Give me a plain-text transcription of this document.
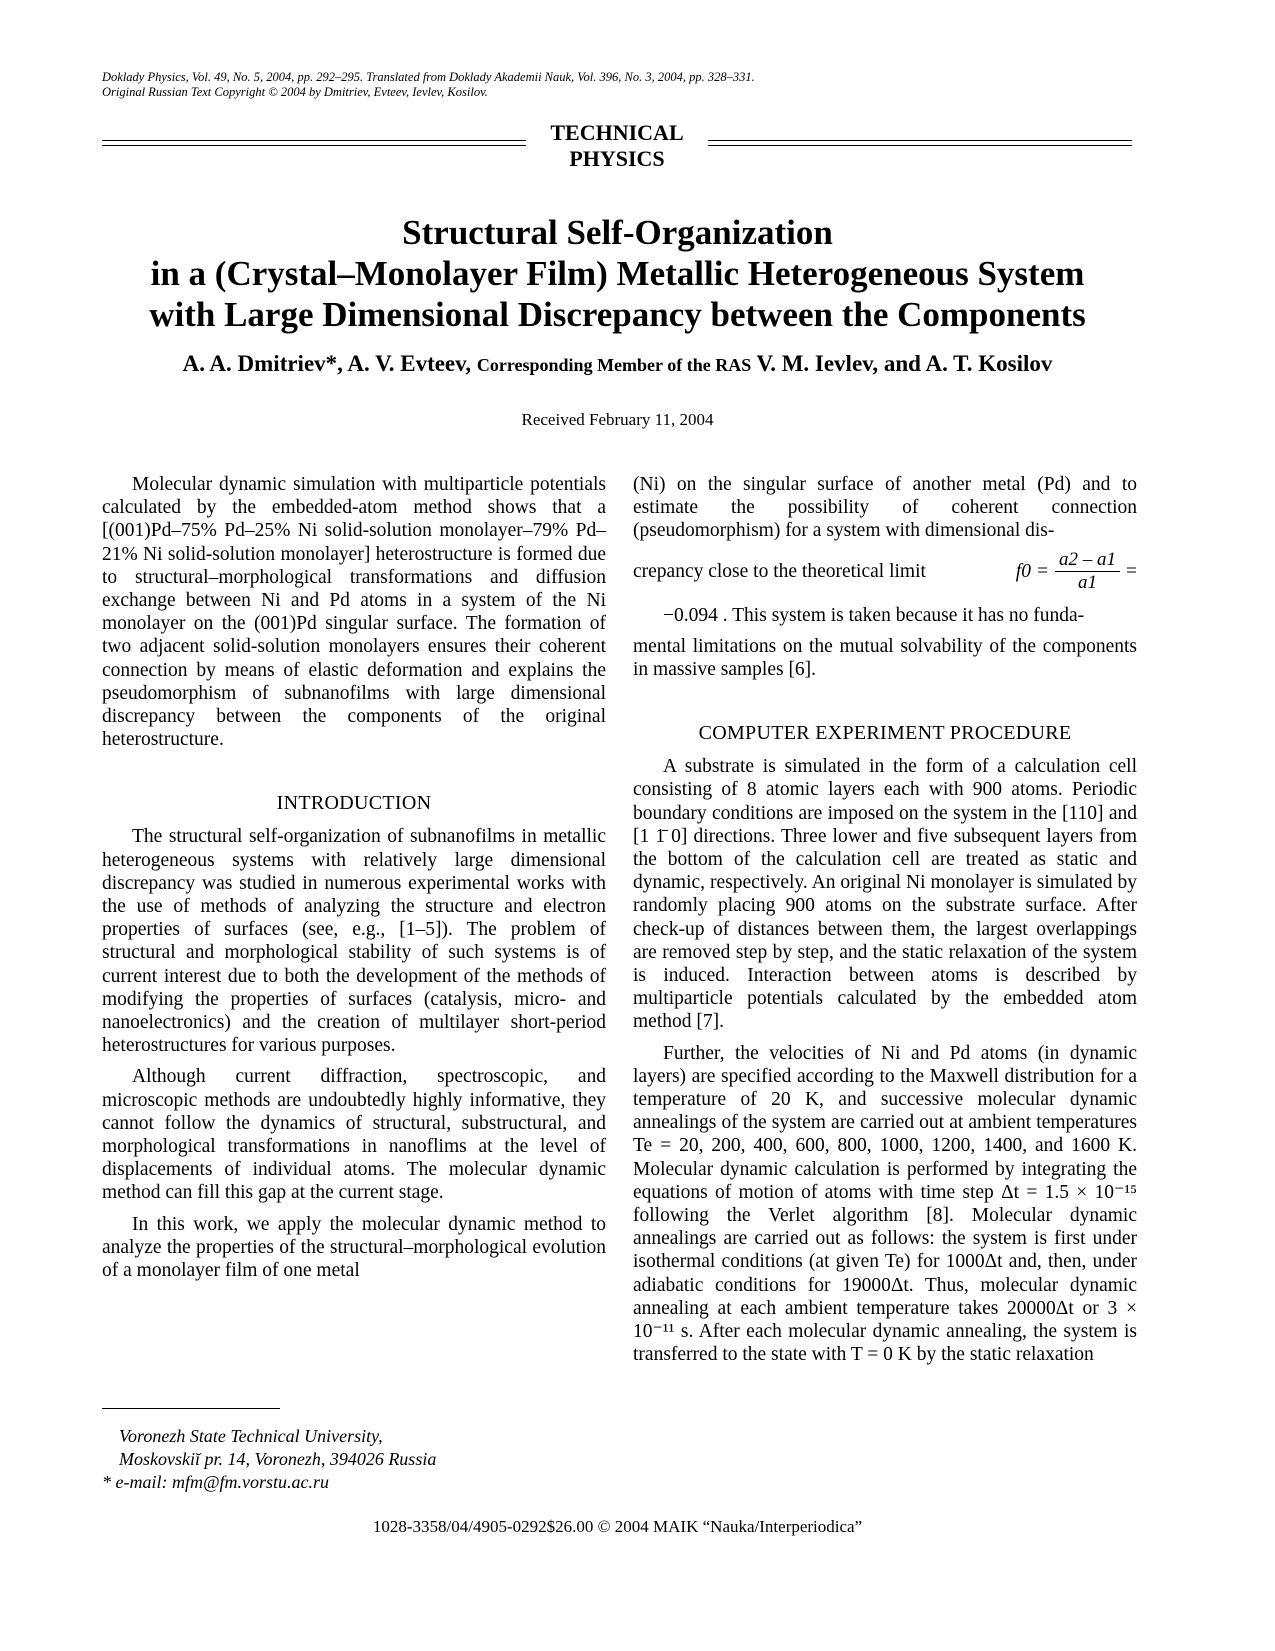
Doklady Physics, Vol. 49, No. 5, 2004, pp. 292–295. Translated from Doklady Akademii Nauk, Vol. 396, No. 3, 2004, pp. 328–331.
Original Russian Text Copyright © 2004 by Dmitriev, Evteev, Ievlev, Kosilov.
TECHNICAL
PHYSICS
Structural Self-Organization
in a (Crystal–Monolayer Film) Metallic Heterogeneous System
with Large Dimensional Discrepancy between the Components
A. A. Dmitriev*, A. V. Evteev, Corresponding Member of the RAS V. M. Ievlev, and A. T. Kosilov
Received February 11, 2004

Molecular dynamic simulation with multiparticle potentials calculated by the embedded-atom method shows that a [(001)Pd–75% Pd–25% Ni solid-solution monolayer–79% Pd–21% Ni solid-solution monolayer] heterostructure is formed due to structural–morphological transformations and diffusion exchange between Ni and Pd atoms in a system of the Ni monolayer on the (001)Pd singular surface. The formation of two adjacent solid-solution monolayers ensures their coherent connection by means of elastic deformation and explains the pseudomorphism of subnanofilms with large dimensional discrepancy between the components of the original heterostructure.

INTRODUCTION

The structural self-organization of subnanofilms in metallic heterogeneous systems with relatively large dimensional discrepancy was studied in numerous experimental works with the use of methods of analyzing the structure and electron properties of surfaces (see, e.g., [1–5]). The problem of structural and morphological stability of such systems is of current interest due to both the development of the methods of modifying the properties of surfaces (catalysis, micro- and nanoelectronics) and the creation of multilayer short-period heterostructures for various purposes.

Although current diffraction, spectroscopic, and microscopic methods are undoubtedly highly informative, they cannot follow the dynamics of structural, substructural, and morphological transformations in nanoflims at the level of displacements of individual atoms. The molecular dynamic method can fill this gap at the current stage.

In this work, we apply the molecular dynamic method to analyze the properties of the structural–morphological evolution of a monolayer film of one metal

(Ni) on the singular surface of another metal (Pd) and to estimate the possibility of coherent connection (pseudomorphism) for a system with dimensional dis-

crepancy close to the theoretical limit	$f0 = \frac{a2 - a1}{a1}$ =

−0.094 . This system is taken because it has no funda-

mental limitations on the mutual solvability of the components in massive samples [6].

COMPUTER EXPERIMENT PROCEDURE

A substrate is simulated in the form of a calculation cell consisting of 8 atomic layers each with 900 atoms. Periodic boundary conditions are imposed on the system in the [110] and [1 1̄ 0] directions. Three lower and five subsequent layers from the bottom of the calculation cell are treated as static and dynamic, respectively. An original Ni monolayer is simulated by randomly placing 900 atoms on the substrate surface. After check-up of distances between them, the largest overlappings are removed step by step, and the static relaxation of the system is induced. Interaction between atoms is described by multiparticle potentials calculated by the embedded atom method [7].

Further, the velocities of Ni and Pd atoms (in dynamic layers) are specified according to the Maxwell distribution for a temperature of 20 K, and successive molecular dynamic annealings of the system are carried out at ambient temperatures Te = 20, 200, 400, 600, 800, 1000, 1200, 1400, and 1600 K. Molecular dynamic calculation is performed by integrating the equations of motion of atoms with time step Δt = 1.5 × 10⁻¹⁵ following the Verlet algorithm [8]. Molecular dynamic annealings are carried out as follows: the system is first under isothermal conditions (at given Te) for 1000Δt and, then, under adiabatic conditions for 19000Δt. Thus, molecular dynamic annealing at each ambient temperature takes 20000Δt or 3 × 10⁻¹¹ s. After each molecular dynamic annealing, the system is transferred to the state with T = 0 K by the static relaxation

Voronezh State Technical University,
Moskovskiĭ pr. 14, Voronezh, 394026 Russia
* e-mail: mfm@fm.vorstu.ac.ru
1028-3358/04/4905-0292$26.00 © 2004 MAIK “Nauka/Interperiodica”
